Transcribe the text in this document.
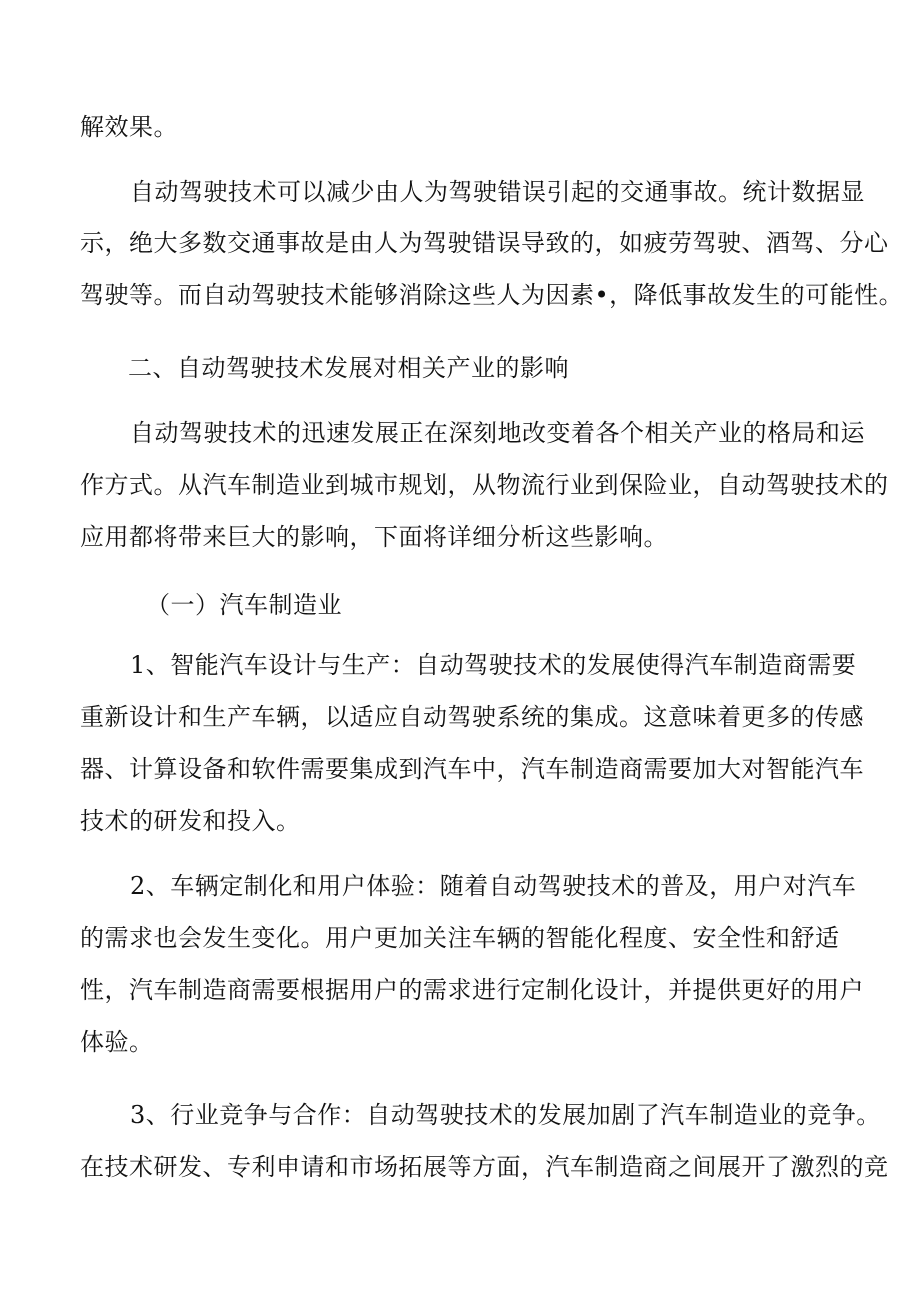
解效果。
自动驾驶技术可以减少由人为驾驶错误引起的交通事故。统计数据显
示，绝大多数交通事故是由人为驾驶错误导致的，如疲劳驾驶、酒驾、分心
驾驶等。而自动驾驶技术能够消除这些人为因素•，降低事故发生的可能性。
二、自动驾驶技术发展对相关产业的影响
自动驾驶技术的迅速发展正在深刻地改变着各个相关产业的格局和运
作方式。从汽车制造业到城市规划，从物流行业到保险业，自动驾驶技术的
应用都将带来巨大的影响，下面将详细分析这些影响。
（一）汽车制造业
1、智能汽车设计与生产：自动驾驶技术的发展使得汽车制造商需要
重新设计和生产车辆，以适应自动驾驶系统的集成。这意味着更多的传感
器、计算设备和软件需要集成到汽车中，汽车制造商需要加大对智能汽车
技术的研发和投入。
2、车辆定制化和用户体验：随着自动驾驶技术的普及，用户对汽车
的需求也会发生变化。用户更加关注车辆的智能化程度、安全性和舒适
性，汽车制造商需要根据用户的需求进行定制化设计，并提供更好的用户
体验。
3、行业竞争与合作：自动驾驶技术的发展加剧了汽车制造业的竞争。
在技术研发、专利申请和市场拓展等方面，汽车制造商之间展开了激烈的竞
